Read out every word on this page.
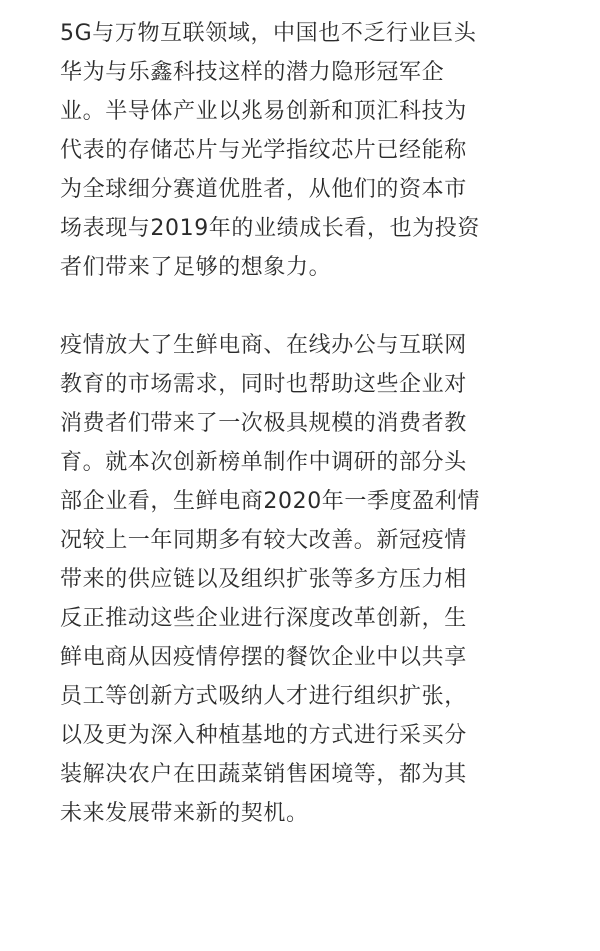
5G与万物互联领域，中国也不乏行业巨头
华为与乐鑫科技这样的潜力隐形冠军企
业。半导体产业以兆易创新和顶汇科技为
代表的存储芯片与光学指纹芯片已经能称
为全球细分赛道优胜者，从他们的资本市
场表现与2019年的业绩成长看，也为投资
者们带来了足够的想象力。

疫情放大了生鲜电商、在线办公与互联网
教育的市场需求，同时也帮助这些企业对
消费者们带来了一次极具规模的消费者教
育。就本次创新榜单制作中调研的部分头
部企业看，生鲜电商2020年一季度盈利情
况较上一年同期多有较大改善。新冠疫情
带来的供应链以及组织扩张等多方压力相
反正推动这些企业进行深度改革创新，生
鲜电商从因疫情停摆的餐饮企业中以共享
员工等创新方式吸纳人才进行组织扩张，
以及更为深入种植基地的方式进行采买分
装解决农户在田蔬菜销售困境等，都为其
未来发展带来新的契机。
